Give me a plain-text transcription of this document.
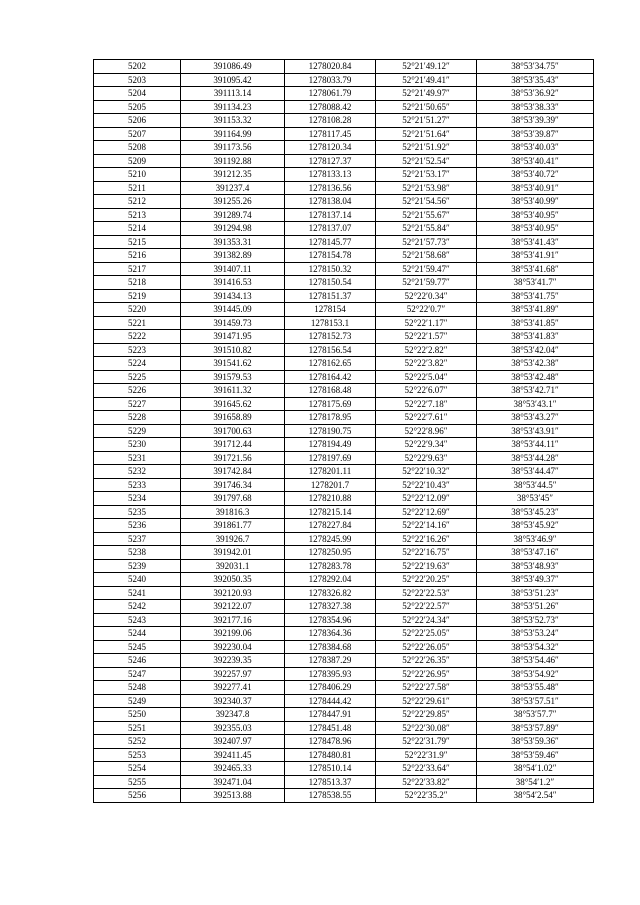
5202	391086.49	1278020.84	52°21′49.12″	38°53′34.75″
5203	391095.42	1278033.79	52°21′49.41″	38°53′35.43″
5204	391113.14	1278061.79	52°21′49.97″	38°53′36.92″
5205	391134.23	1278088.42	52°21′50.65″	38°53′38.33″
5206	391153.32	1278108.28	52°21′51.27″	38°53′39.39″
5207	391164.99	1278117.45	52°21′51.64″	38°53′39.87″
5208	391173.56	1278120.34	52°21′51.92″	38°53′40.03″
5209	391192.88	1278127.37	52°21′52.54″	38°53′40.41″
5210	391212.35	1278133.13	52°21′53.17″	38°53′40.72″
5211	391237.4	1278136.56	52°21′53.98″	38°53′40.91″
5212	391255.26	1278138.04	52°21′54.56″	38°53′40.99″
5213	391289.74	1278137.14	52°21′55.67″	38°53′40.95″
5214	391294.98	1278137.07	52°21′55.84″	38°53′40.95″
5215	391353.31	1278145.77	52°21′57.73″	38°53′41.43″
5216	391382.89	1278154.78	52°21′58.68″	38°53′41.91″
5217	391407.11	1278150.32	52°21′59.47″	38°53′41.68″
5218	391416.53	1278150.54	52°21′59.77″	38°53′41.7″
5219	391434.13	1278151.37	52°22′0.34″	38°53′41.75″
5220	391445.09	1278154	52°22′0.7″	38°53′41.89″
5221	391459.73	1278153.1	52°22′1.17″	38°53′41.85″
5222	391471.95	1278152.73	52°22′1.57″	38°53′41.83″
5223	391510.82	1278156.54	52°22′2.82″	38°53′42.04″
5224	391541.62	1278162.65	52°22′3.82″	38°53′42.38″
5225	391579.53	1278164.42	52°22′5.04″	38°53′42.48″
5226	391611.32	1278168.48	52°22′6.07″	38°53′42.71″
5227	391645.62	1278175.69	52°22′7.18″	38°53′43.1″
5228	391658.89	1278178.95	52°22′7.61″	38°53′43.27″
5229	391700.63	1278190.75	52°22′8.96″	38°53′43.91″
5230	391712.44	1278194.49	52°22′9.34″	38°53′44.11″
5231	391721.56	1278197.69	52°22′9.63″	38°53′44.28″
5232	391742.84	1278201.11	52°22′10.32″	38°53′44.47″
5233	391746.34	1278201.7	52°22′10.43″	38°53′44.5″
5234	391797.68	1278210.88	52°22′12.09″	38°53′45″
5235	391816.3	1278215.14	52°22′12.69″	38°53′45.23″
5236	391861.77	1278227.84	52°22′14.16″	38°53′45.92″
5237	391926.7	1278245.99	52°22′16.26″	38°53′46.9″
5238	391942.01	1278250.95	52°22′16.75″	38°53′47.16″
5239	392031.1	1278283.78	52°22′19.63″	38°53′48.93″
5240	392050.35	1278292.04	52°22′20.25″	38°53′49.37″
5241	392120.93	1278326.82	52°22′22.53″	38°53′51.23″
5242	392122.07	1278327.38	52°22′22.57″	38°53′51.26″
5243	392177.16	1278354.96	52°22′24.34″	38°53′52.73″
5244	392199.06	1278364.36	52°22′25.05″	38°53′53.24″
5245	392230.04	1278384.68	52°22′26.05″	38°53′54.32″
5246	392239.35	1278387.29	52°22′26.35″	38°53′54.46″
5247	392257.97	1278395.93	52°22′26.95″	38°53′54.92″
5248	392277.41	1278406.29	52°22′27.58″	38°53′55.48″
5249	392340.37	1278444.42	52°22′29.61″	38°53′57.51″
5250	392347.8	1278447.91	52°22′29.85″	38°53′57.7″
5251	392355.03	1278451.48	52°22′30.08″	38°53′57.89″
5252	392407.97	1278478.96	52°22′31.79″	38°53′59.36″
5253	392411.45	1278480.81	52°22′31.9″	38°53′59.46″
5254	392465.33	1278510.14	52°22′33.64″	38°54′1.02″
5255	392471.04	1278513.37	52°22′33.82″	38°54′1.2″
5256	392513.88	1278538.55	52°22′35.2″	38°54′2.54″
